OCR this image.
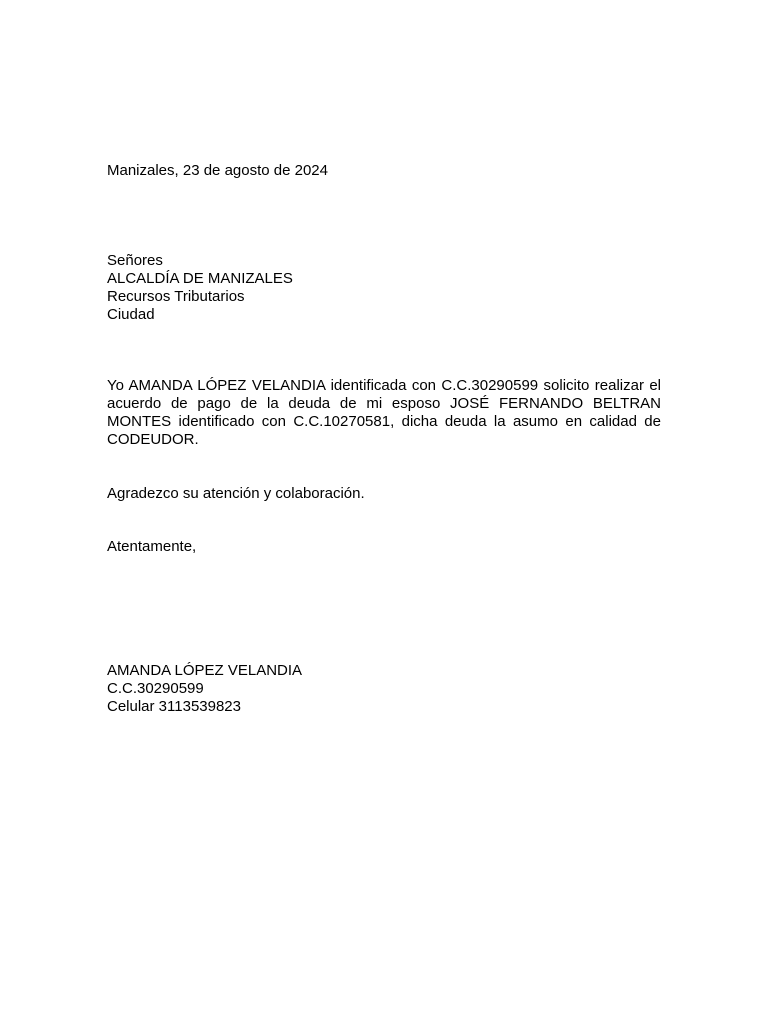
Manizales, 23 de agosto de 2024
Señores
ALCALDÍA DE MANIZALES
Recursos Tributarios
Ciudad
Yo AMANDA LÓPEZ VELANDIA identificada con C.C.30290599 solicito realizar el acuerdo de pago de la deuda de mi esposo JOSÉ FERNANDO BELTRAN MONTES identificado con C.C.10270581, dicha deuda la asumo en calidad de CODEUDOR.
Agradezco su atención y colaboración.
Atentamente,
AMANDA LÓPEZ VELANDIA
C.C.30290599
Celular 3113539823
